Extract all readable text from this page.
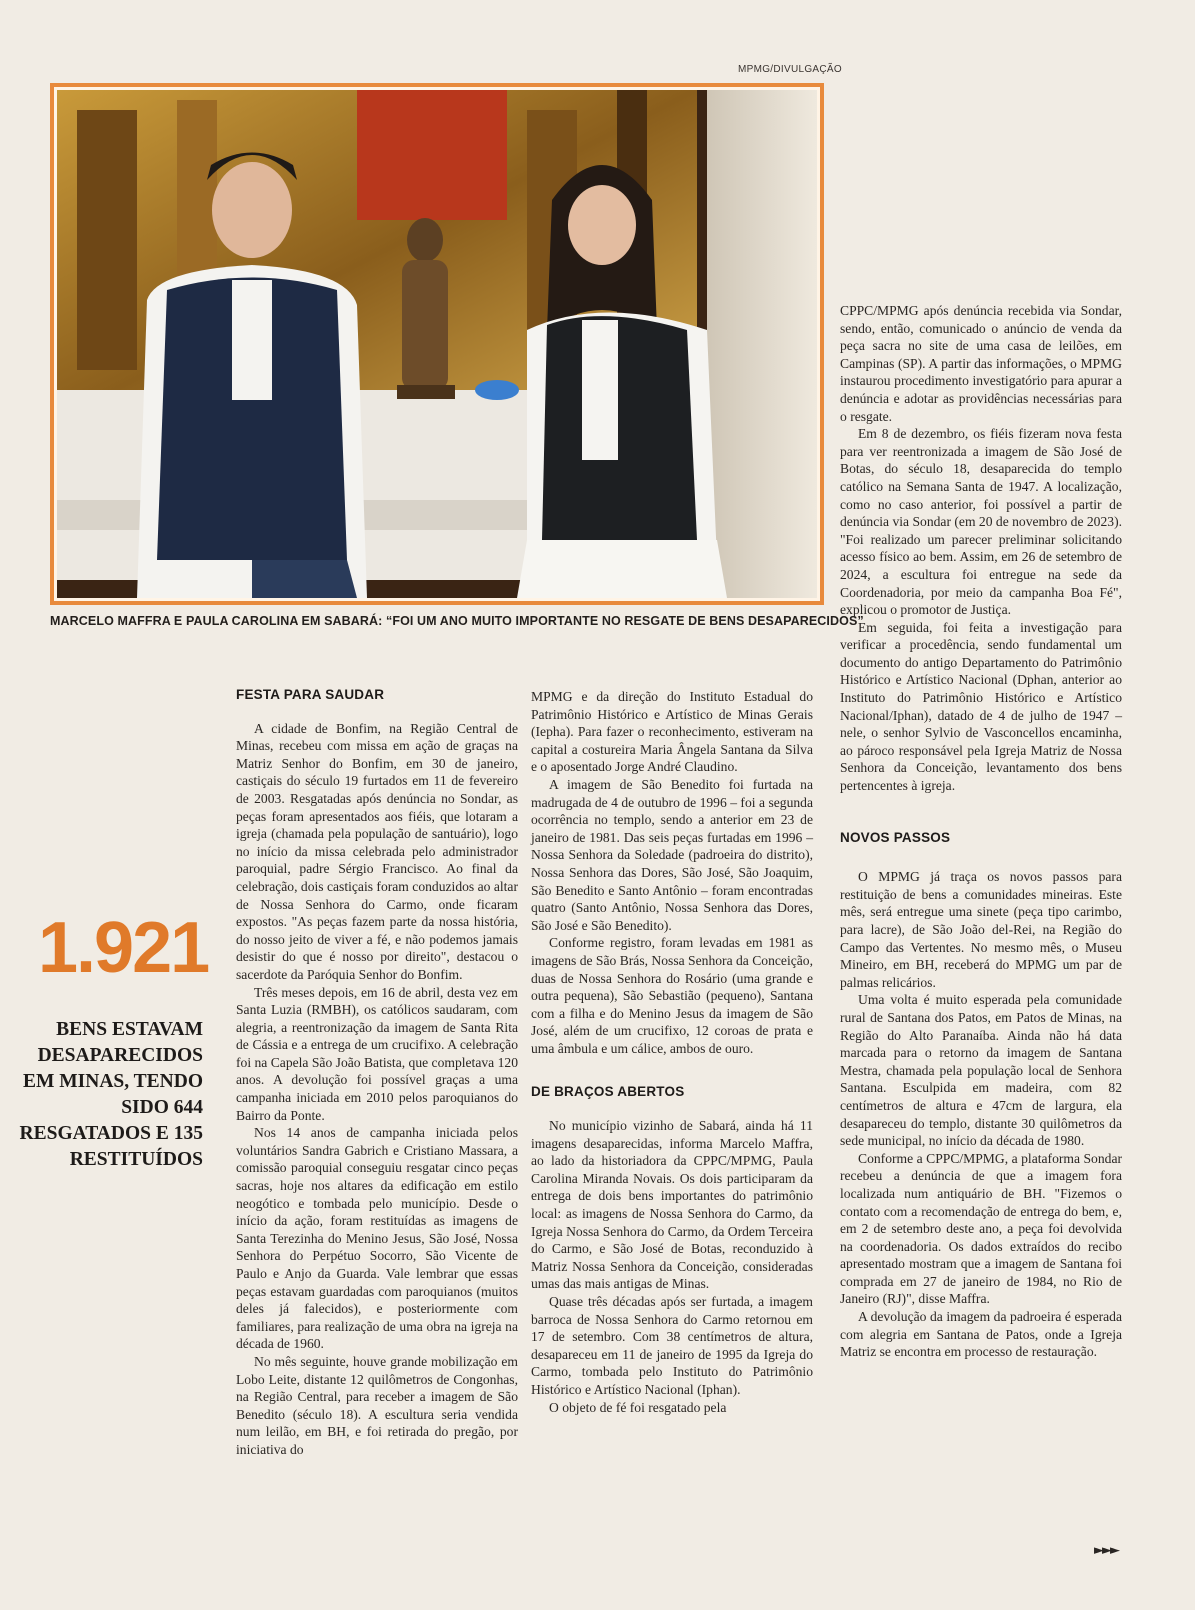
MPMG/DIVULGAÇÃO
MARCELO MAFFRA E PAULA CAROLINA EM SABARÁ: “FOI UM ANO MUITO IMPORTANTE NO RESGATE DE BENS DESAPARECIDOS”
1.921
BENS ESTAVAM DESAPARECIDOS EM MINAS, TENDO SIDO 644 RESGATADOS E 135 RESTITUÍDOS
FESTA PARA SAUDAR

A cidade de Bonfim, na Região Central de Minas, recebeu com missa em ação de graças na Matriz Senhor do Bonfim, em 30 de janeiro, castiçais do século 19 furtados em 11 de fevereiro de 2003. Resgatadas após denúncia no Sondar, as peças foram apresentados aos fiéis, que lotaram a igreja (chamada pela população de santuário), logo no início da missa celebrada pelo administrador paroquial, padre Sérgio Francisco. Ao final da celebração, dois castiçais foram conduzidos ao altar de Nossa Senhora do Carmo, onde ficaram expostos. "As peças fazem parte da nossa história, do nosso jeito de viver a fé, e não podemos jamais desistir do que é nosso por direito", destacou o sacerdote da Paróquia Senhor do Bonfim.

Três meses depois, em 16 de abril, desta vez em Santa Luzia (RMBH), os católicos saudaram, com alegria, a reentronização da imagem de Santa Rita de Cássia e a entrega de um crucifixo. A celebração foi na Capela São João Batista, que completava 120 anos. A devolução foi possível graças a uma campanha iniciada em 2010 pelos paroquianos do Bairro da Ponte.

Nos 14 anos de campanha iniciada pelos voluntários Sandra Gabrich e Cristiano Massara, a comissão paroquial conseguiu resgatar cinco peças sacras, hoje nos altares da edificação em estilo neogótico e tombada pelo município. Desde o início da ação, foram restituídas as imagens de Santa Terezinha do Menino Jesus, São José, Nossa Senhora do Perpétuo Socorro, São Vicente de Paulo e Anjo da Guarda. Vale lembrar que essas peças estavam guardadas com paroquianos (muitos deles já falecidos), e posteriormente com familiares, para realização de uma obra na igreja na década de 1960.

No mês seguinte, houve grande mobilização em Lobo Leite, distante 12 quilômetros de Congonhas, na Região Central, para receber a imagem de São Benedito (século 18). A escultura seria vendida num leilão, em BH, e foi retirada do pregão, por iniciativa do

MPMG e da direção do Instituto Estadual do Patrimônio Histórico e Artístico de Minas Gerais (Iepha). Para fazer o reconhecimento, estiveram na capital a costureira Maria Ângela Santana da Silva e o aposentado Jorge André Claudino.

A imagem de São Benedito foi furtada na madrugada de 4 de outubro de 1996 – foi a segunda ocorrência no templo, sendo a anterior em 23 de janeiro de 1981. Das seis peças furtadas em 1996 – Nossa Senhora da Soledade (padroeira do distrito), Nossa Senhora das Dores, São José, São Joaquim, São Benedito e Santo Antônio – foram encontradas quatro (Santo Antônio, Nossa Senhora das Dores, São José e São Benedito).

Conforme registro, foram levadas em 1981 as imagens de São Brás, Nossa Senhora da Conceição, duas de Nossa Senhora do Rosário (uma grande e outra pequena), São Sebastião (pequeno), Santana com a filha e do Menino Jesus da imagem de São José, além de um crucifixo, 12 coroas de prata e uma âmbula e um cálice, ambos de ouro.

DE BRAÇOS ABERTOS

No município vizinho de Sabará, ainda há 11 imagens desaparecidas, informa Marcelo Maffra, ao lado da historiadora da CPPC/MPMG, Paula Carolina Miranda Novais. Os dois participaram da entrega de dois bens importantes do patrimônio local: as imagens de Nossa Senhora do Carmo, da Igreja Nossa Senhora do Carmo, da Ordem Terceira do Carmo, e São José de Botas, reconduzido à Matriz Nossa Senhora da Conceição, consideradas umas das mais antigas de Minas.

Quase três décadas após ser furtada, a imagem barroca de Nossa Senhora do Carmo retornou em 17 de setembro. Com 38 centímetros de altura, desapareceu em 11 de janeiro de 1995 da Igreja do Carmo, tombada pelo Instituto do Patrimônio Histórico e Artístico Nacional (Iphan).

O objeto de fé foi resgatado pela

CPPC/MPMG após denúncia recebida via Sondar, sendo, então, comunicado o anúncio de venda da peça sacra no site de uma casa de leilões, em Campinas (SP). A partir das informações, o MPMG instaurou procedimento investigatório para apurar a denúncia e adotar as providências necessárias para o resgate.

Em 8 de dezembro, os fiéis fizeram nova festa para ver reentronizada a imagem de São José de Botas, do século 18, desaparecida do templo católico na Semana Santa de 1947. A localização, como no caso anterior, foi possível a partir de denúncia via Sondar (em 20 de novembro de 2023). "Foi realizado um parecer preliminar solicitando acesso físico ao bem. Assim, em 26 de setembro de 2024, a escultura foi entregue na sede da Coordenadoria, por meio da campanha Boa Fé", explicou o promotor de Justiça.

Em seguida, foi feita a investigação para verificar a procedência, sendo fundamental um documento do antigo Departamento do Patrimônio Histórico e Artístico Nacional (Dphan, anterior ao Instituto do Patrimônio Histórico e Artístico Nacional/Iphan), datado de 4 de julho de 1947 – nele, o senhor Sylvio de Vasconcellos encaminha, ao pároco responsável pela Igreja Matriz de Nossa Senhora da Conceição, levantamento dos bens pertencentes à igreja.

NOVOS PASSOS

O MPMG já traça os novos passos para restituição de bens a comunidades mineiras. Este mês, será entregue uma sinete (peça tipo carimbo, para lacre), de São João del-Rei, na Região do Campo das Vertentes. No mesmo mês, o Museu Mineiro, em BH, receberá do MPMG um par de palmas relicários.

Uma volta é muito esperada pela comunidade rural de Santana dos Patos, em Patos de Minas, na Região do Alto Paranaíba. Ainda não há data marcada para o retorno da imagem de Santana Mestra, chamada pela população local de Senhora Santana. Esculpida em madeira, com 82 centímetros de altura e 47cm de largura, ela desapareceu do templo, distante 30 quilômetros da sede municipal, no início da década de 1980.

Conforme a CPPC/MPMG, a plataforma Sondar recebeu a denúncia de que a imagem fora localizada num antiquário de BH. "Fizemos o contato com a recomendação de entrega do bem, e, em 2 de setembro deste ano, a peça foi devolvida na coordenadoria. Os dados extraídos do recibo apresentado mostram que a imagem de Santana foi comprada em 27 de janeiro de 1984, no Rio de Janeiro (RJ)", disse Maffra.

A devolução da imagem da padroeira é esperada com alegria em Santana de Patos, onde a Igreja Matriz se encontra em processo de restauração.

►►►
